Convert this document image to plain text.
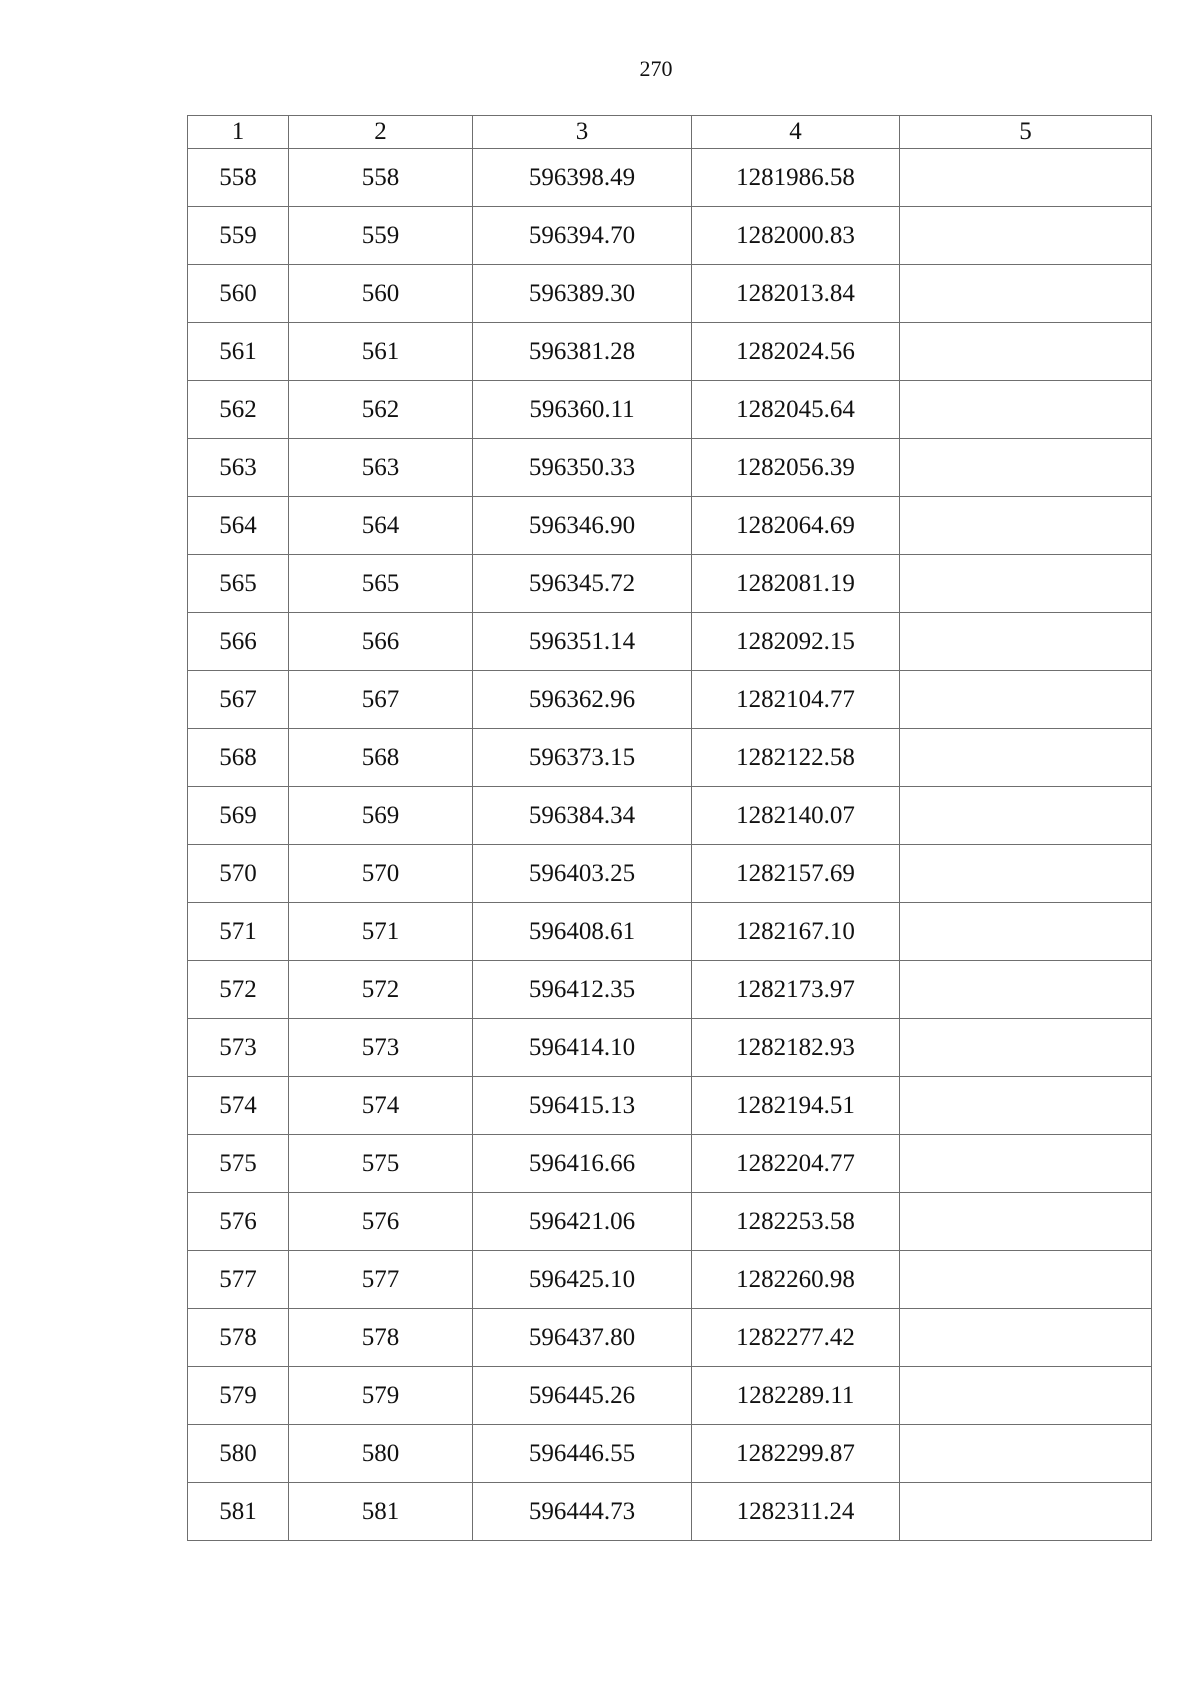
270
1	2	3	4	5
558	558	596398.49	1281986.58	
559	559	596394.70	1282000.83	
560	560	596389.30	1282013.84	
561	561	596381.28	1282024.56	
562	562	596360.11	1282045.64	
563	563	596350.33	1282056.39	
564	564	596346.90	1282064.69	
565	565	596345.72	1282081.19	
566	566	596351.14	1282092.15	
567	567	596362.96	1282104.77	
568	568	596373.15	1282122.58	
569	569	596384.34	1282140.07	
570	570	596403.25	1282157.69	
571	571	596408.61	1282167.10	
572	572	596412.35	1282173.97	
573	573	596414.10	1282182.93	
574	574	596415.13	1282194.51	
575	575	596416.66	1282204.77	
576	576	596421.06	1282253.58	
577	577	596425.10	1282260.98	
578	578	596437.80	1282277.42	
579	579	596445.26	1282289.11	
580	580	596446.55	1282299.87	
581	581	596444.73	1282311.24	
